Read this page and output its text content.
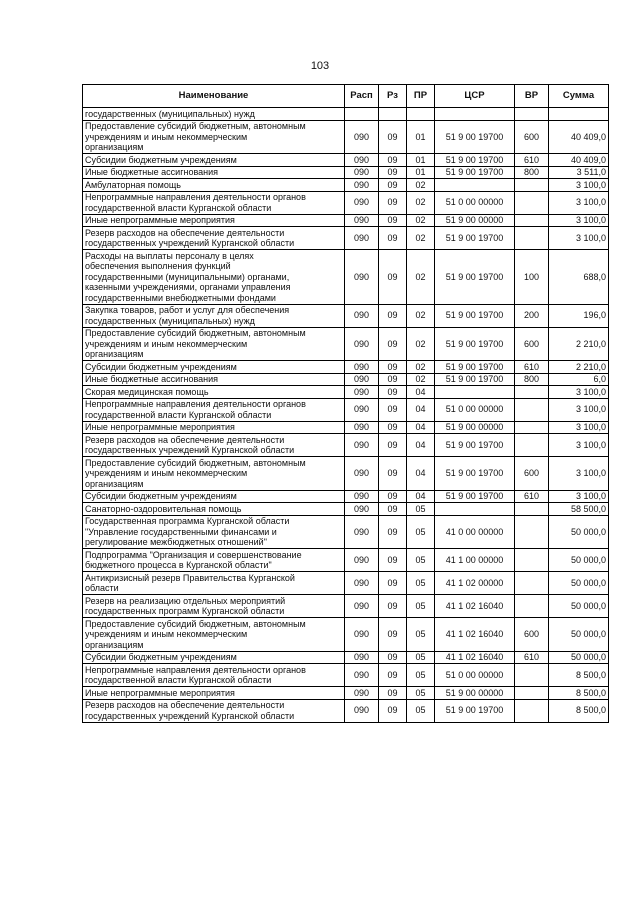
103
Наименование	Расп	Рз	ПР	ЦСР	ВР	Сумма
государственных (муниципальных) нужд						
Предоставление субсидий бюджетным, автономным
учреждениям и иным некоммерческим
организациям	090	09	01	51 9 00 19700	600	40 409,0
Субсидии бюджетным учреждениям	090	09	01	51 9 00 19700	610	40 409,0
Иные бюджетные ассигнования	090	09	01	51 9 00 19700	800	3 511,0
Амбулаторная помощь	090	09	02			3 100,0
Непрограммные направления деятельности органов
государственной власти Курганской области	090	09	02	51 0 00 00000		3 100,0
Иные непрограммные мероприятия	090	09	02	51 9 00 00000		3 100,0
Резерв расходов на обеспечение деятельности
государственных учреждений Курганской области	090	09	02	51 9 00 19700		3 100,0
Расходы на выплаты персоналу в целях
обеспечения выполнения функций
государственными (муниципальными) органами,
казенными учреждениями, органами управления
государственными внебюджетными фондами	090	09	02	51 9 00 19700	100	688,0
Закупка товаров, работ и услуг для обеспечения
государственных (муниципальных) нужд	090	09	02	51 9 00 19700	200	196,0
Предоставление субсидий бюджетным, автономным
учреждениям и иным некоммерческим
организациям	090	09	02	51 9 00 19700	600	2 210,0
Субсидии бюджетным учреждениям	090	09	02	51 9 00 19700	610	2 210,0
Иные бюджетные ассигнования	090	09	02	51 9 00 19700	800	6,0
Скорая медицинская помощь	090	09	04			3 100,0
Непрограммные направления деятельности органов
государственной власти Курганской области	090	09	04	51 0 00 00000		3 100,0
Иные непрограммные мероприятия	090	09	04	51 9 00 00000		3 100,0
Резерв расходов на обеспечение деятельности
государственных учреждений Курганской области	090	09	04	51 9 00 19700		3 100,0
Предоставление субсидий бюджетным, автономным
учреждениям и иным некоммерческим
организациям	090	09	04	51 9 00 19700	600	3 100,0
Субсидии бюджетным учреждениям	090	09	04	51 9 00 19700	610	3 100,0
Санаторно-оздоровительная помощь	090	09	05			58 500,0
Государственная программа Курганской области
"Управление государственными финансами и
регулирование межбюджетных отношений"	090	09	05	41 0 00 00000		50 000,0
Подпрограмма "Организация и совершенствование
бюджетного процесса в Курганской области"	090	09	05	41 1 00 00000		50 000,0
Антикризисный резерв Правительства Курганской
области	090	09	05	41 1 02 00000		50 000,0
Резерв на реализацию отдельных мероприятий
государственных программ Курганской области	090	09	05	41 1 02 16040		50 000,0
Предоставление субсидий бюджетным, автономным
учреждениям и иным некоммерческим
организациям	090	09	05	41 1 02 16040	600	50 000,0
Субсидии бюджетным учреждениям	090	09	05	41 1 02 16040	610	50 000,0
Непрограммные направления деятельности органов
государственной власти Курганской области	090	09	05	51 0 00 00000		8 500,0
Иные непрограммные мероприятия	090	09	05	51 9 00 00000		8 500,0
Резерв расходов на обеспечение деятельности
государственных учреждений Курганской области	090	09	05	51 9 00 19700		8 500,0
